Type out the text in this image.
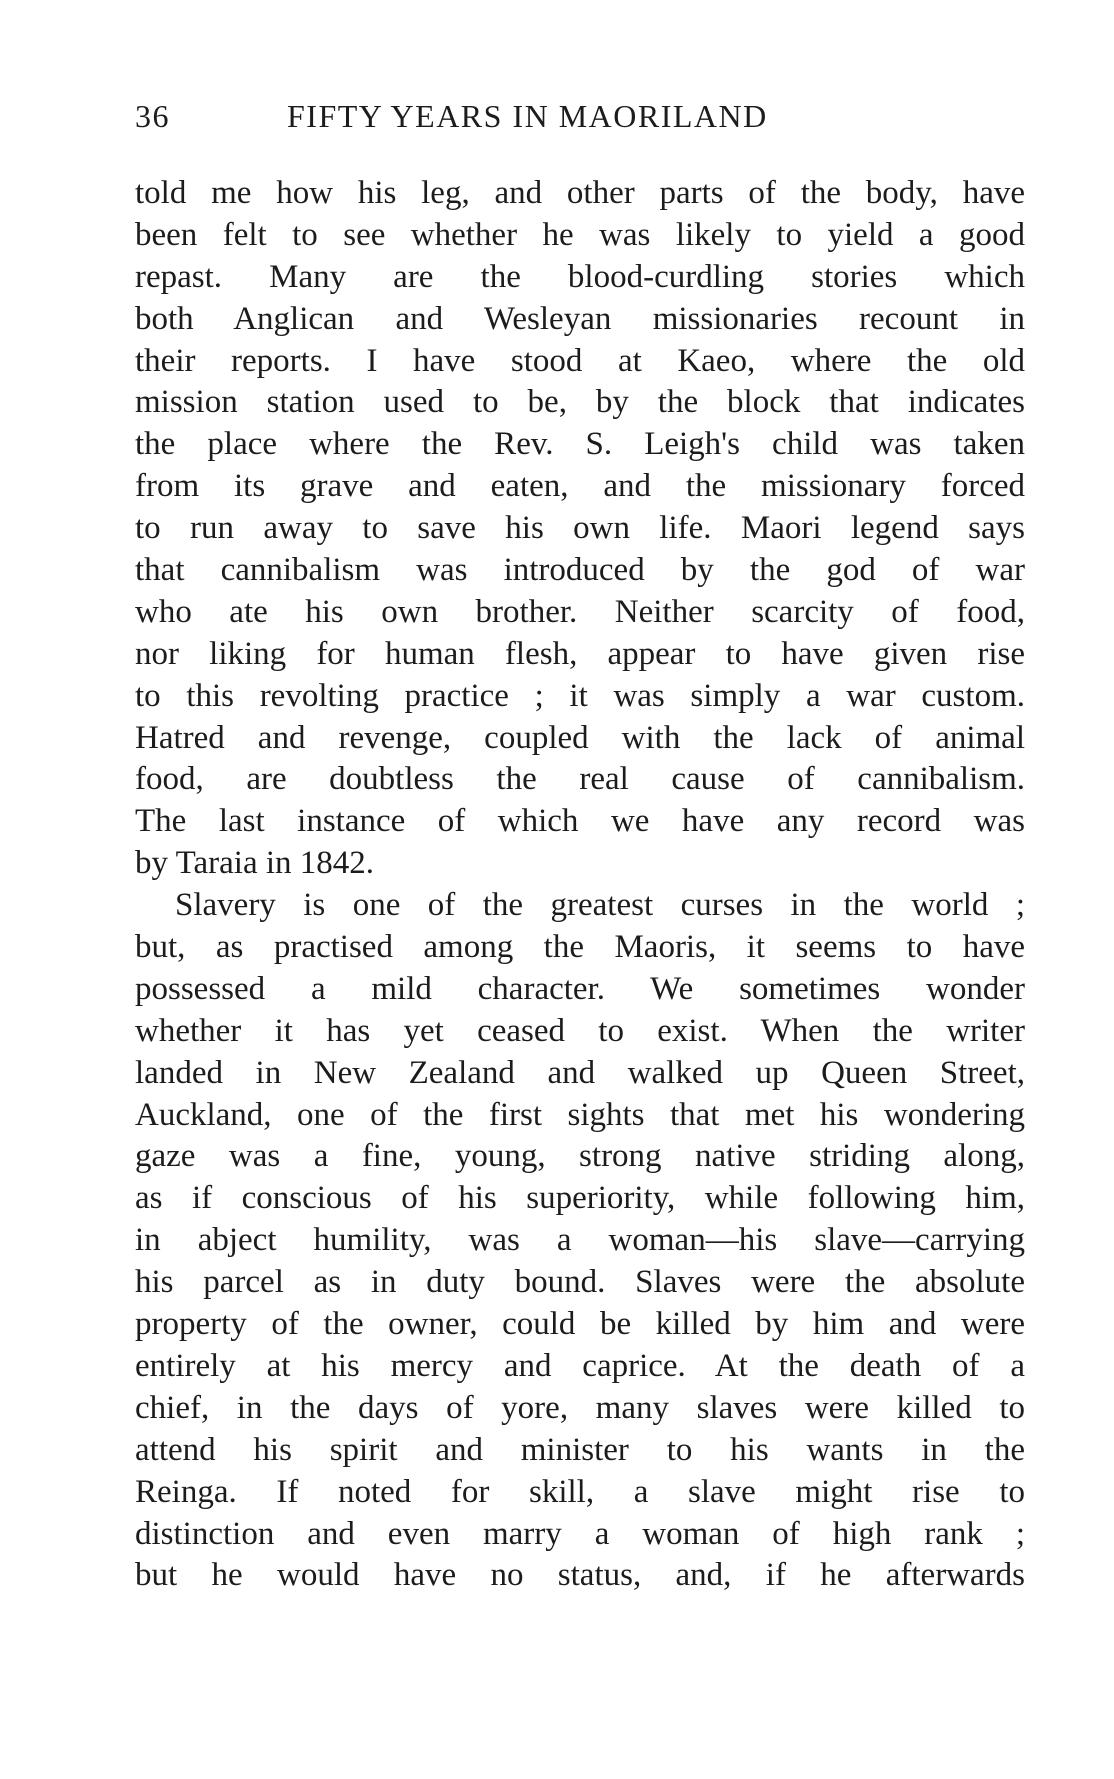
36	FIFTY YEARS IN MAORILAND
told me how his leg, and other parts of the body, have
been felt to see whether he was likely to yield a good
repast. Many are the blood-curdling stories which
both Anglican and Wesleyan missionaries recount in
their reports. I have stood at Kaeo, where the old
mission station used to be, by the block that indicates
the place where the Rev. S. Leigh's child was taken
from its grave and eaten, and the missionary forced
to run away to save his own life. Maori legend says
that cannibalism was introduced by the god of war
who ate his own brother. Neither scarcity of food,
nor liking for human flesh, appear to have given rise
to this revolting practice ; it was simply a war custom.
Hatred and revenge, coupled with the lack of animal
food, are doubtless the real cause of cannibalism.
The last instance of which we have any record was
by Taraia in 1842.
Slavery is one of the greatest curses in the world ;
but, as practised among the Maoris, it seems to have
possessed a mild character. We sometimes wonder
whether it has yet ceased to exist. When the writer
landed in New Zealand and walked up Queen Street,
Auckland, one of the first sights that met his wondering
gaze was a fine, young, strong native striding along,
as if conscious of his superiority, while following him,
in abject humility, was a woman—his slave—carrying
his parcel as in duty bound. Slaves were the absolute
property of the owner, could be killed by him and were
entirely at his mercy and caprice. At the death of a
chief, in the days of yore, many slaves were killed to
attend his spirit and minister to his wants in the
Reinga. If noted for skill, a slave might rise to
distinction and even marry a woman of high rank ;
but he would have no status, and, if he afterwards
